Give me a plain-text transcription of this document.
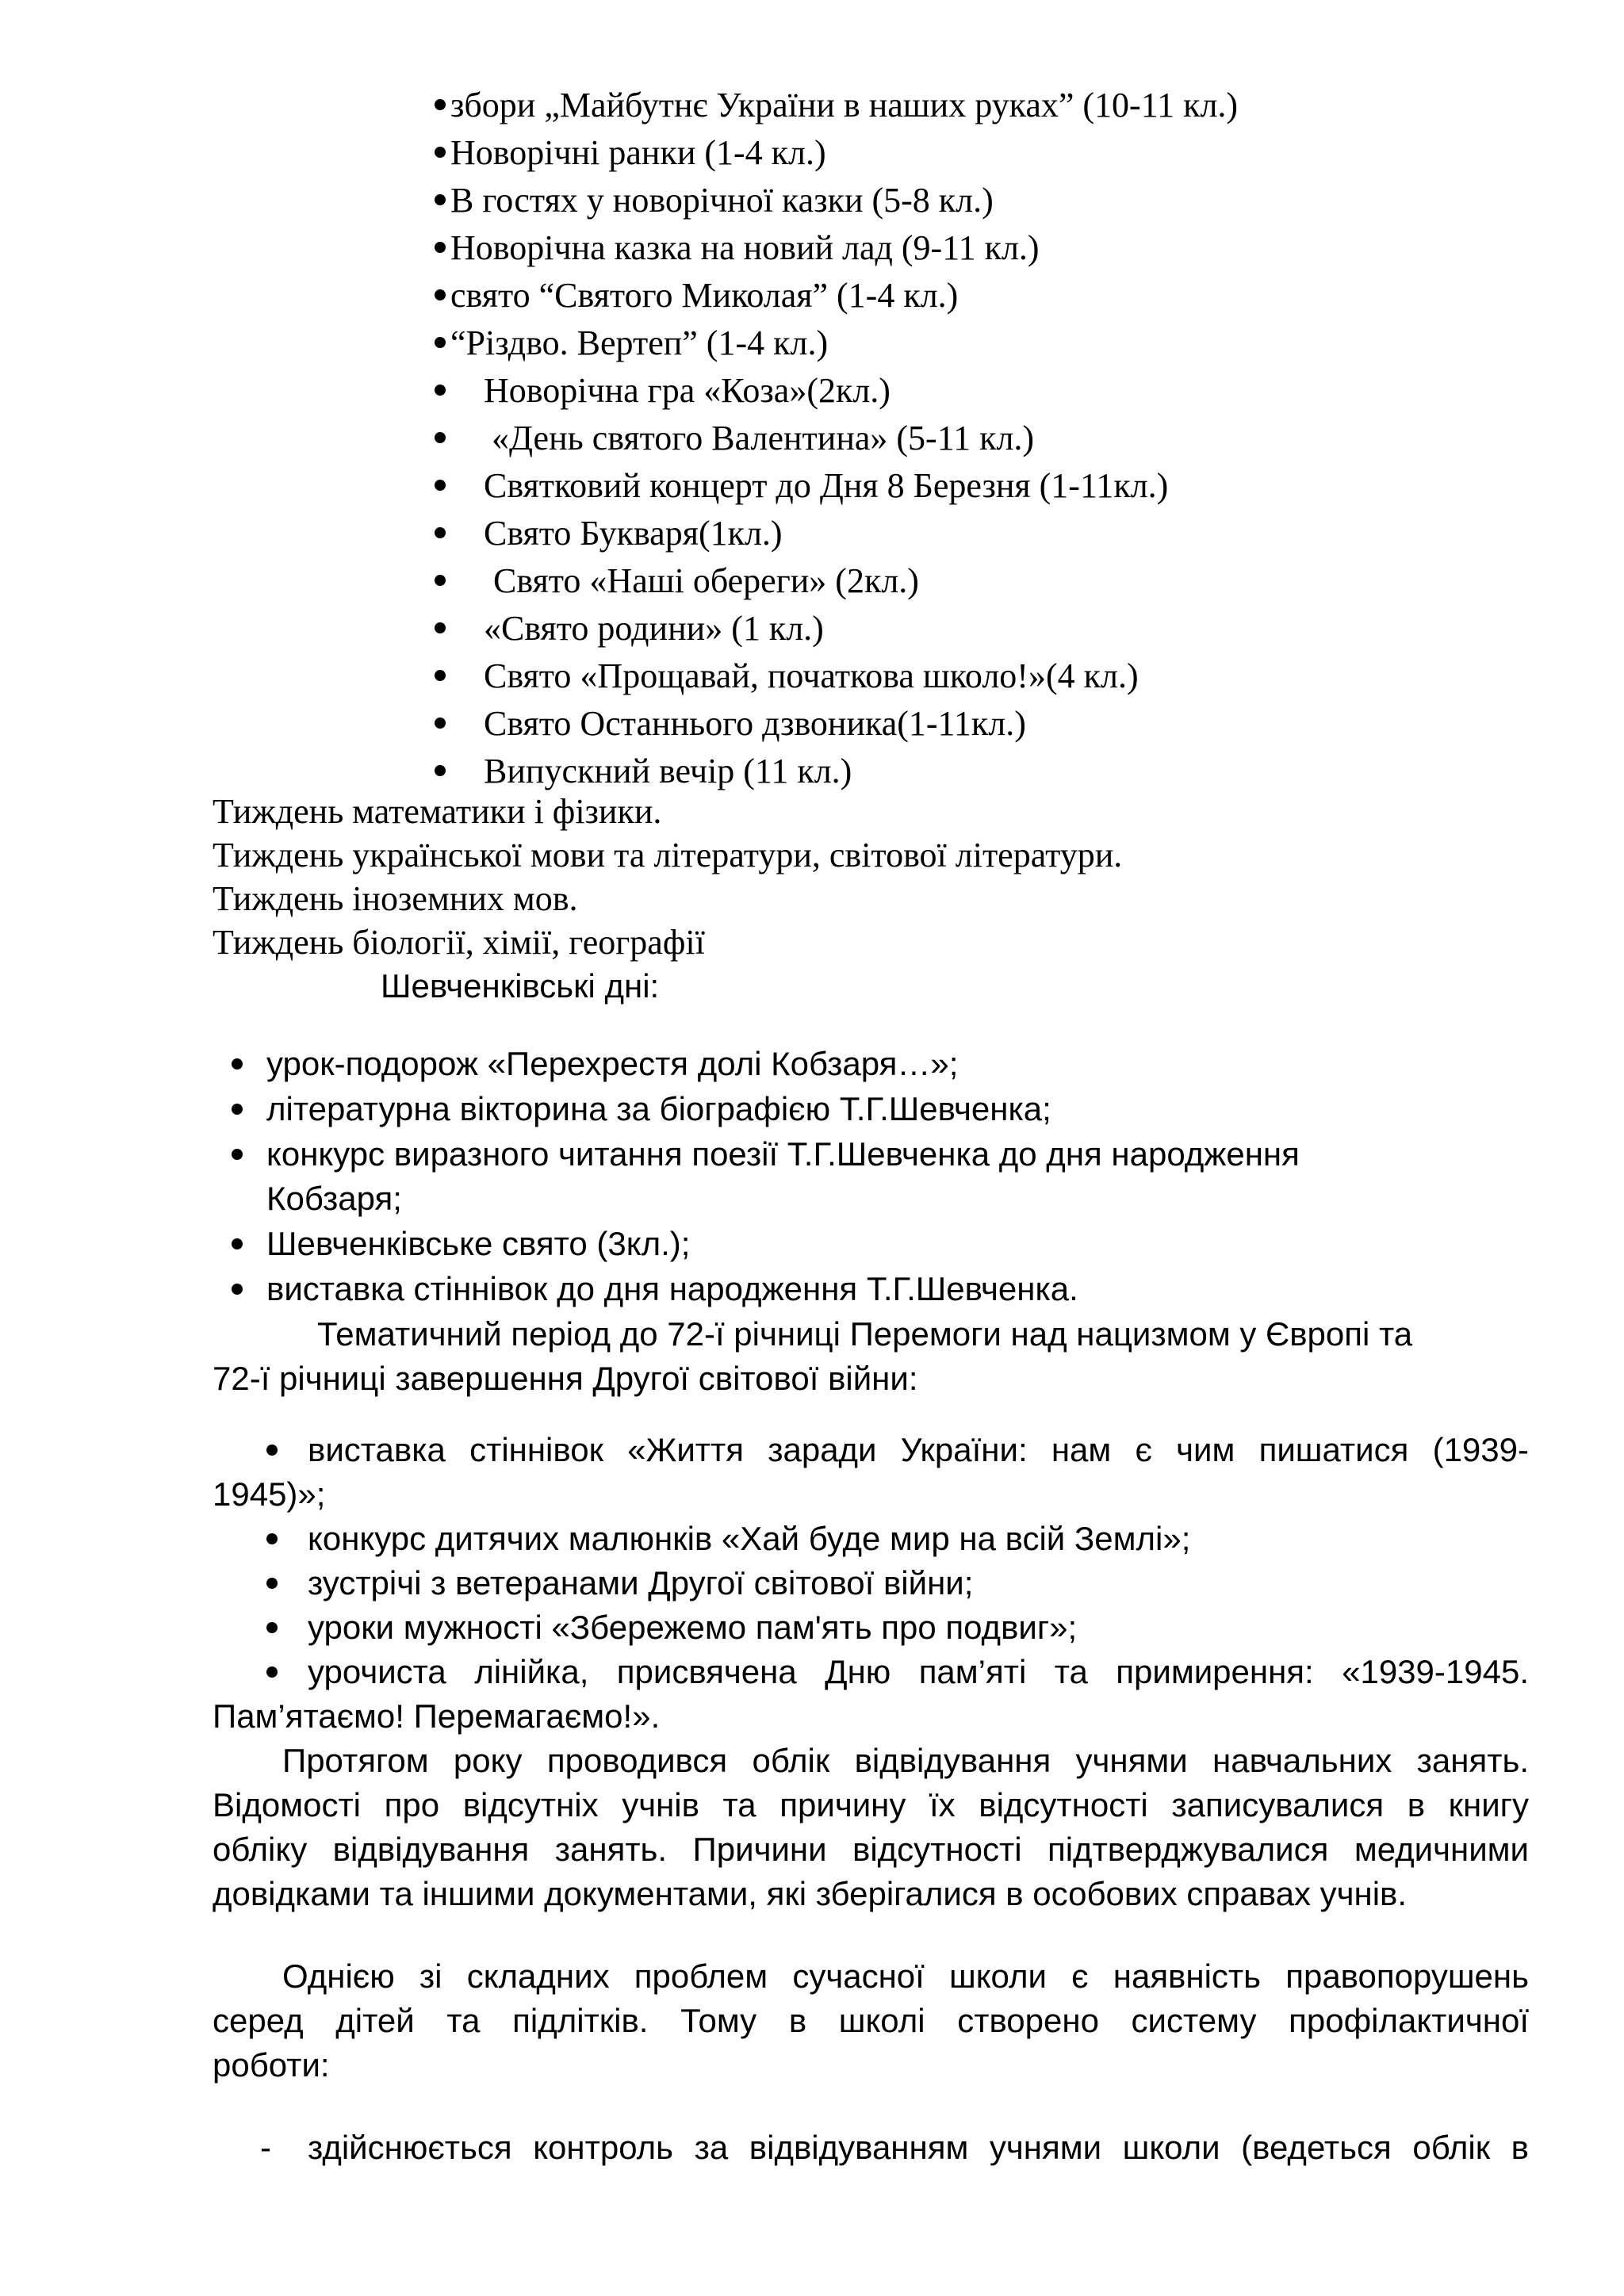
збори „Майбутнє України в наших руках” (10-11 кл.)
Новорічні ранки (1-4 кл.)
В гостях у новорічної казки (5-8 кл.)
Новорічна казка на новий лад (9-11 кл.)
свято “Святого Миколая” (1-4 кл.)
“Різдво. Вертеп” (1-4 кл.)
Новорічна гра «Коза»(2кл.)
«День святого Валентина» (5-11 кл.)
Святковий концерт до Дня 8 Березня (1-11кл.)
Свято Букваря(1кл.)
Свято «Наші обереги» (2кл.)
«Свято родини» (1 кл.)
Свято «Прощавай, початкова школо!»(4 кл.)
Свято Останнього дзвоника(1-11кл.)
Випускний вечір (11 кл.)
Тиждень математики і фізики.
Тиждень української мови та літератури, світової літератури.
Тиждень іноземних мов.
Тиждень біології, хімії, географії
Шевченківські дні:
урок-подорож «Перехрестя долі Кобзаря…»;
літературна вікторина за біографією Т.Г.Шевченка;
конкурс виразного читання поезії Т.Г.Шевченка до дня народження
Кобзаря;
Шевченківське свято (3кл.);
виставка стіннівок до дня народження Т.Г.Шевченка.
Тематичний період до 72-ї річниці Перемоги над нацизмом у Європі та
72-ї річниці завершення Другої світової війни:
виставка стіннівок «Життя заради України: нам є чим пишатися (1939-
1945)»;
конкурс дитячих малюнків «Хай буде мир на всій Землі»;
зустрічі з ветеранами Другої світової війни;
уроки мужності «Збережемо пам'ять про подвиг»;
урочиста лінійка, присвячена Дню пам’яті та примирення: «1939-1945.
Пам’ятаємо! Перемагаємо!».
Протягом року проводився облік відвідування учнями навчальних занять.
Відомості про відсутніх учнів та причину їх відсутності записувалися в книгу
обліку відвідування занять. Причини відсутності підтверджувалися медичними
довідками та іншими документами, які зберігалися в особових справах учнів.
Однією зі складних проблем сучасної школи є наявність правопорушень
серед дітей та підлітків. Тому в школі створено систему профілактичної
роботи:
- здійснюється контроль за відвідуванням учнями школи (ведеться облік в
